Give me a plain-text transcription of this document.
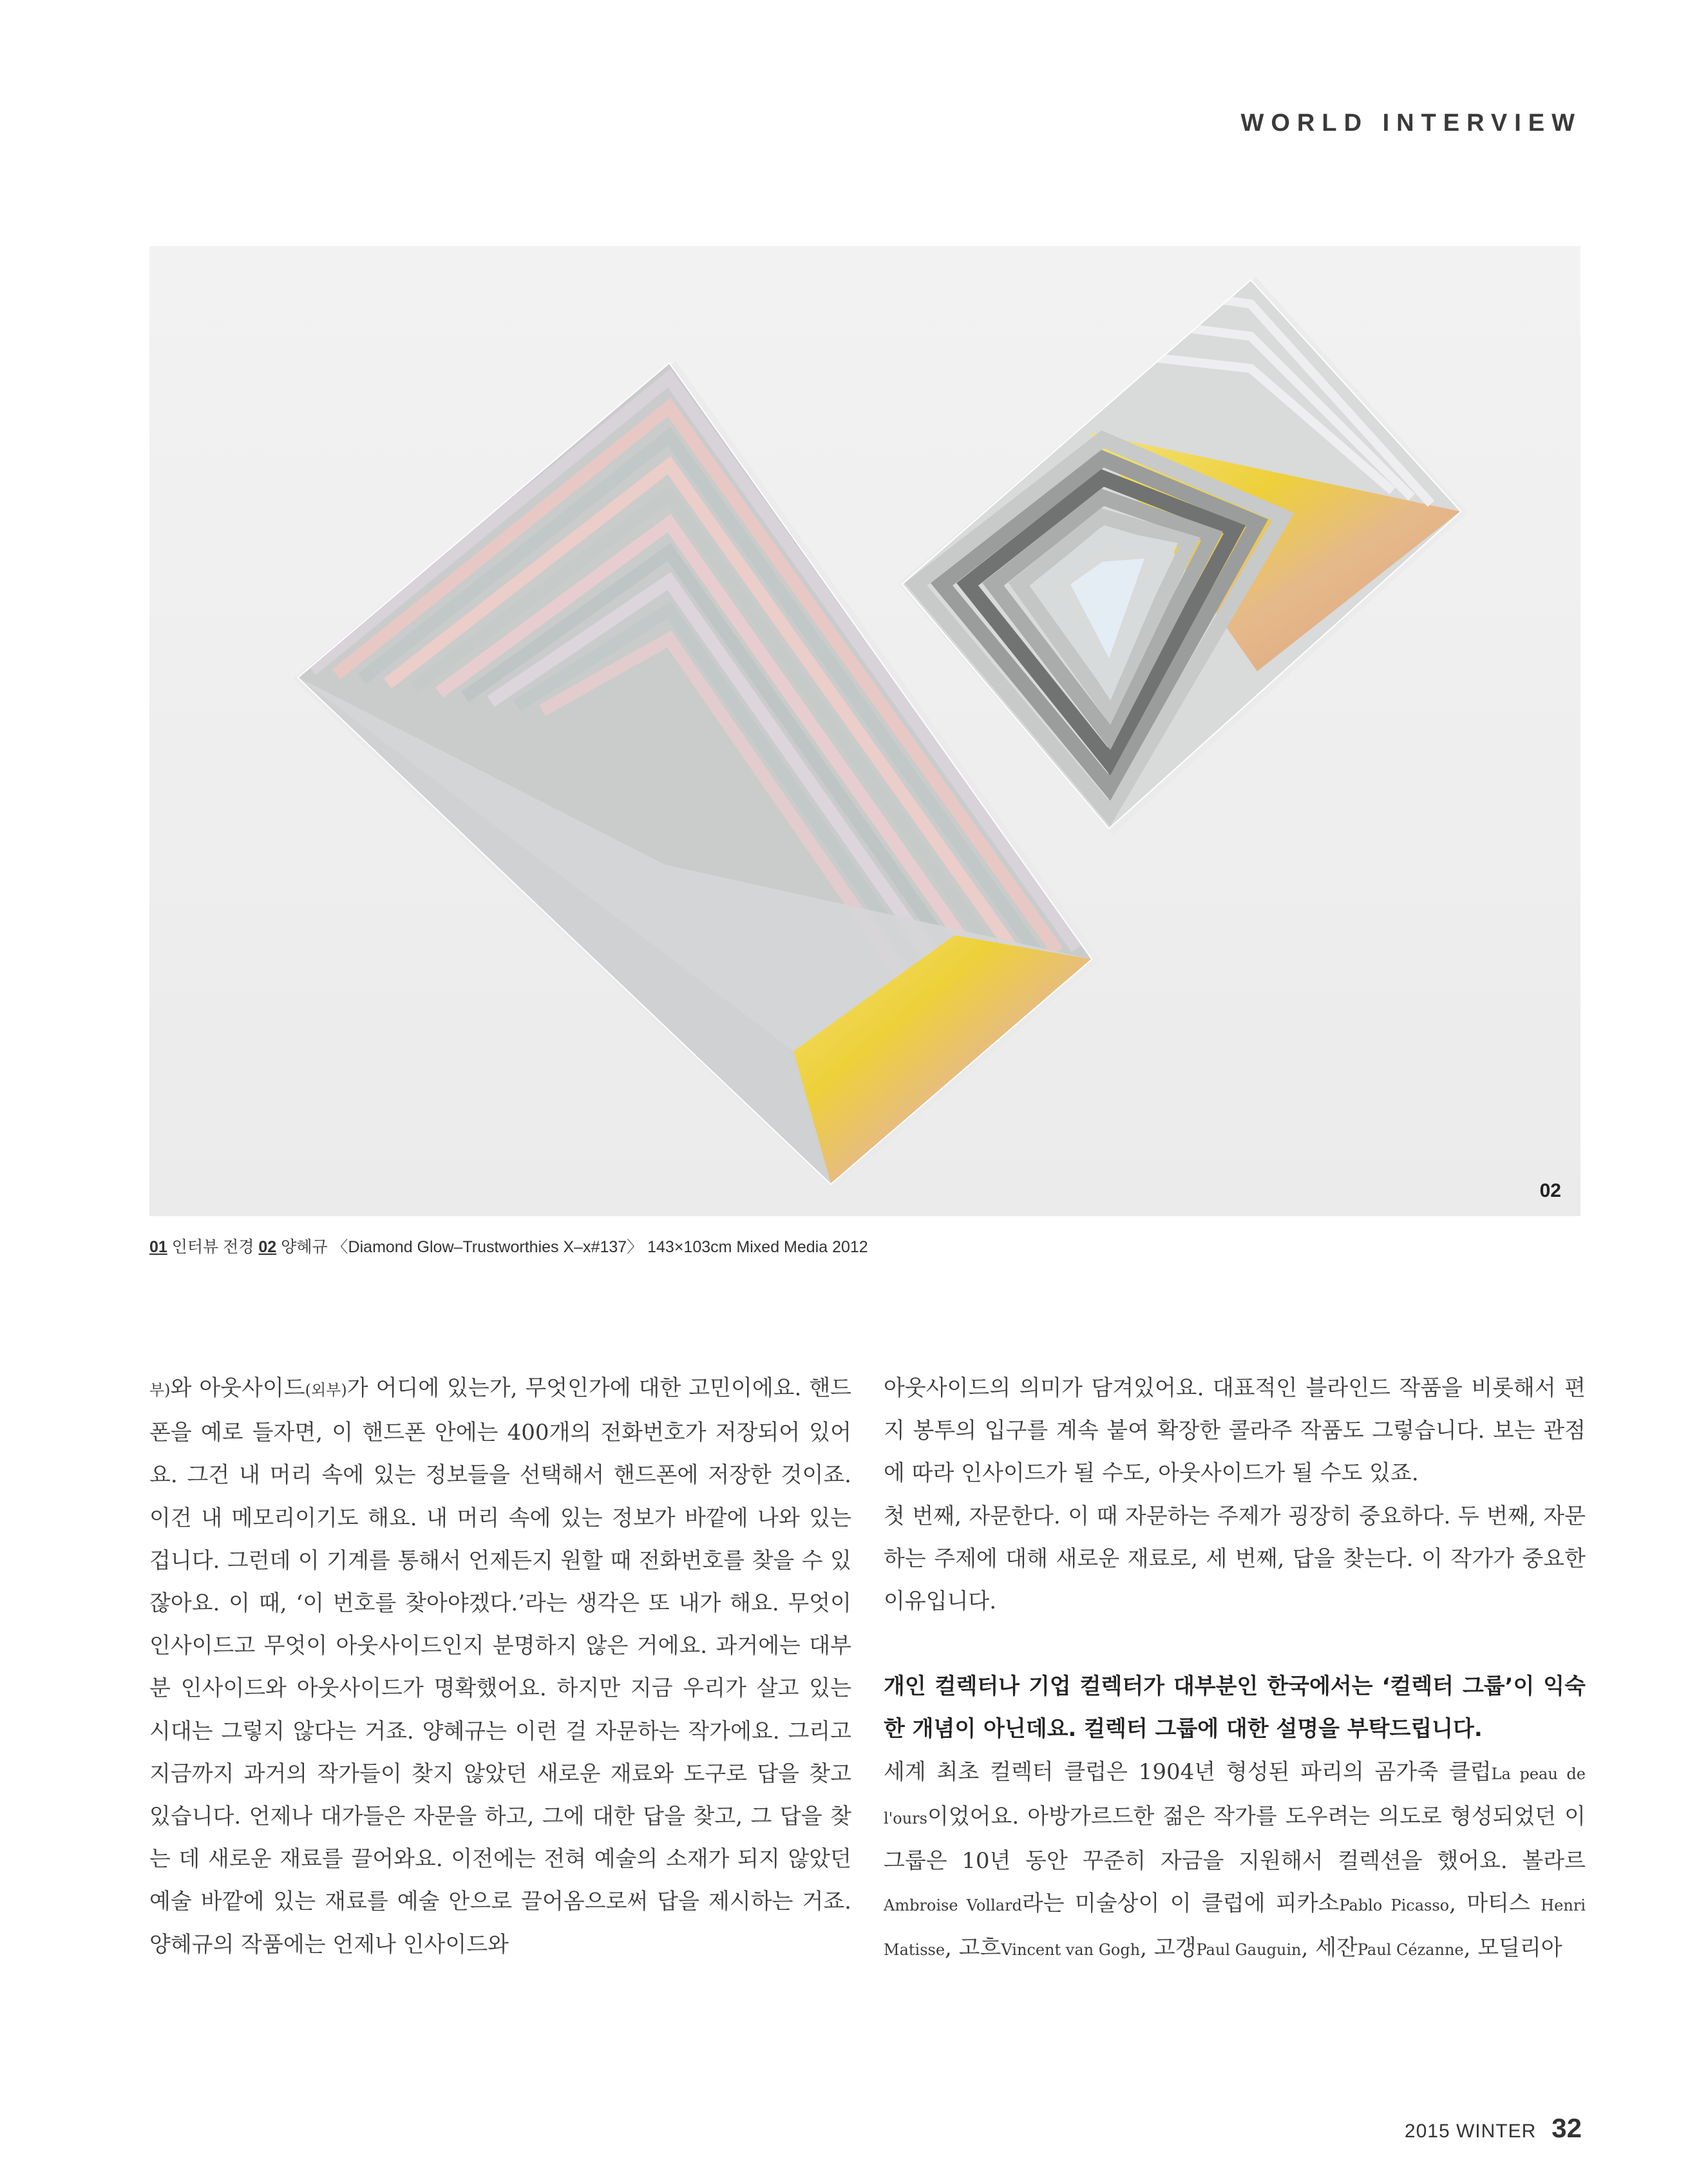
WORLD INTERVIEW
02
01 인터뷰 전경 02 양혜규 〈Diamond Glow–Trustworthies X–x#137〉 143×103cm Mixed Media 2012

부)와 아웃사이드(외부)가 어디에 있는가, 무엇인가에 대한 고민이에요. 핸드폰을 예로 들자면, 이 핸드폰 안에는 400개의 전화번호가 저장되어 있어요. 그건 내 머리 속에 있는 정보들을 선택해서 핸드폰에 저장한 것이죠. 이건 내 메모리이기도 해요. 내 머리 속에 있는 정보가 바깥에 나와 있는 겁니다. 그런데 이 기계를 통해서 언제든지 원할 때 전화번호를 찾을 수 있잖아요. 이 때, ‘이 번호를 찾아야겠다.’라는 생각은 또 내가 해요. 무엇이 인사이드고 무엇이 아웃사이드인지 분명하지 않은 거에요. 과거에는 대부분 인사이드와 아웃사이드가 명확했어요. 하지만 지금 우리가 살고 있는 시대는 그렇지 않다는 거죠. 양혜규는 이런 걸 자문하는 작가에요. 그리고 지금까지 과거의 작가들이 찾지 않았던 새로운 재료와 도구로 답을 찾고 있습니다. 언제나 대가들은 자문을 하고, 그에 대한 답을 찾고, 그 답을 찾는 데 새로운 재료를 끌어와요. 이전에는 전혀 예술의 소재가 되지 않았던 예술 바깥에 있는 재료를 예술 안으로 끌어옴으로써 답을 제시하는 거죠. 양혜규의 작품에는 언제나 인사이드와

아웃사이드의 의미가 담겨있어요. 대표적인 블라인드 작품을 비롯해서 편지 봉투의 입구를 계속 붙여 확장한 콜라주 작품도 그렇습니다. 보는 관점에 따라 인사이드가 될 수도, 아웃사이드가 될 수도 있죠.

첫 번째, 자문한다. 이 때 자문하는 주제가 굉장히 중요하다. 두 번째, 자문하는 주제에 대해 새로운 재료로, 세 번째, 답을 찾는다. 이 작가가 중요한 이유입니다.

개인 컬렉터나 기업 컬렉터가 대부분인 한국에서는 ‘컬렉터 그룹’이 익숙한 개념이 아닌데요. 컬렉터 그룹에 대한 설명을 부탁드립니다.

세계 최초 컬렉터 클럽은 1904년 형성된 파리의 곰가죽 클럽La peau de l'ours이었어요. 아방가르드한 젊은 작가를 도우려는 의도로 형성되었던 이 그룹은 10년 동안 꾸준히 자금을 지원해서 컬렉션을 했어요. 볼라르Ambroise Vollard라는 미술상이 이 클럽에 피카소Pablo Picasso, 마티스 Henri Matisse, 고흐Vincent van Gogh, 고갱Paul Gauguin, 세잔Paul Cézanne, 모딜리아

2015 WINTER 32
